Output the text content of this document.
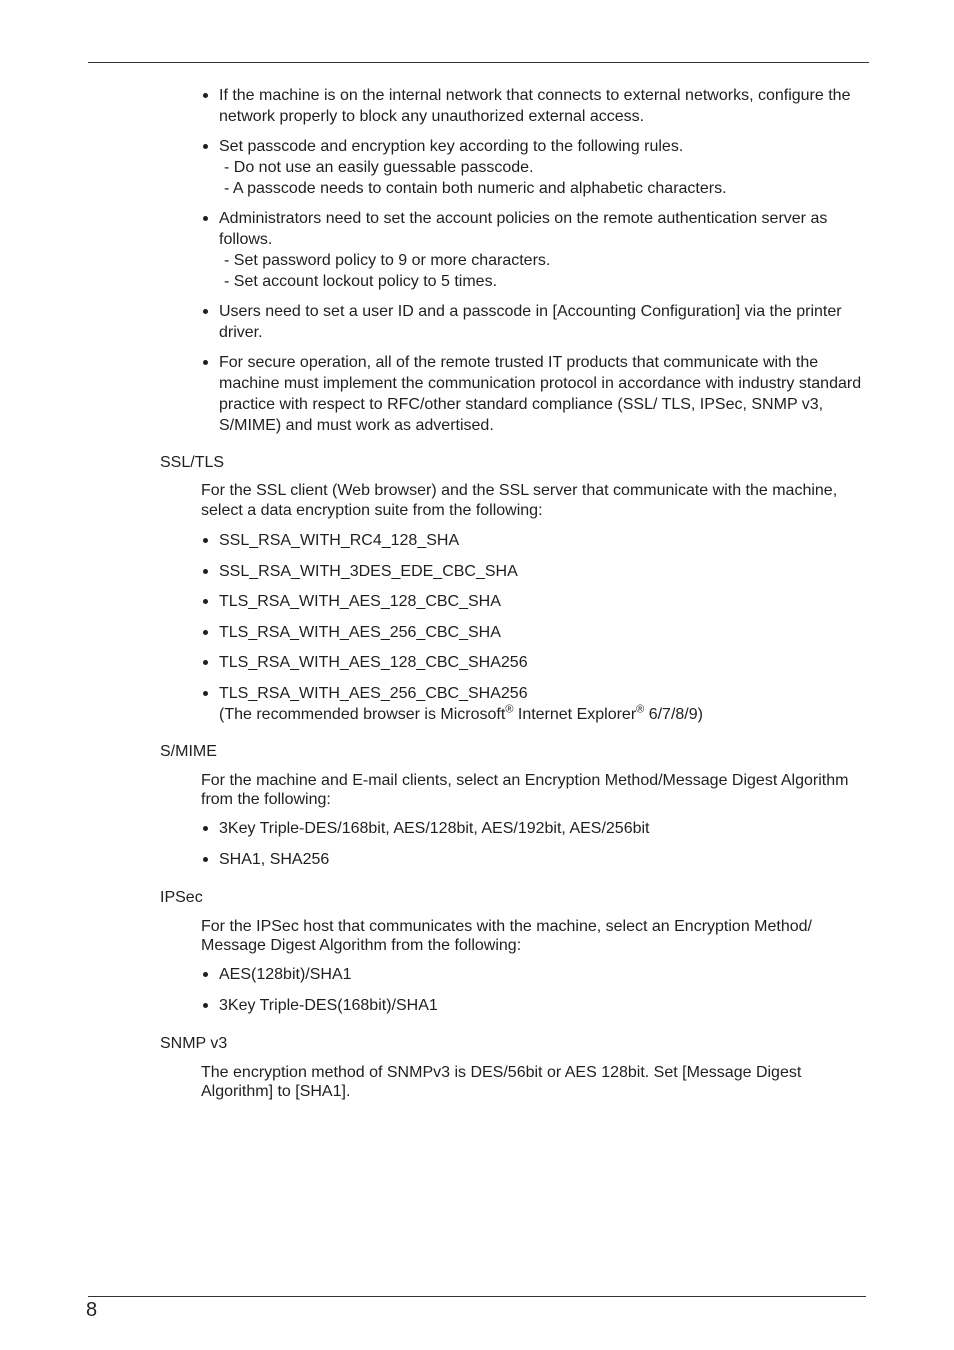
If the machine is on the internal network that connects to external networks, configure the network properly to block any unauthorized external access.
Set passcode and encryption key according to the following rules.
- Do not use an easily guessable passcode.
- A passcode needs to contain both numeric and alphabetic characters.
Administrators need to set the account policies on the remote authentication server as follows.
- Set password policy to 9 or more characters.
- Set account lockout policy to 5 times.
Users need to set a user ID and a passcode in [Accounting Configuration] via the printer driver.
For secure operation, all of the remote trusted IT products that communicate with the machine must implement the communication protocol in accordance with industry standard practice with respect to RFC/other standard compliance (SSL/ TLS, IPSec, SNMP v3, S/MIME) and must work as advertised.
SSL/TLS

For the SSL client (Web browser) and the SSL server that communicate with the machine, select a data encryption suite from the following:

SSL_RSA_WITH_RC4_128_SHA
SSL_RSA_WITH_3DES_EDE_CBC_SHA
TLS_RSA_WITH_AES_128_CBC_SHA
TLS_RSA_WITH_AES_256_CBC_SHA
TLS_RSA_WITH_AES_128_CBC_SHA256
TLS_RSA_WITH_AES_256_CBC_SHA256
(The recommended browser is Microsoft® Internet Explorer® 6/7/8/9)
S/MIME

For the machine and E-mail clients, select an Encryption Method/Message Digest Algorithm from the following:

3Key Triple-DES/168bit, AES/128bit, AES/192bit, AES/256bit
SHA1, SHA256
IPSec

For the IPSec host that communicates with the machine, select an Encryption Method/ Message Digest Algorithm from the following:

AES(128bit)/SHA1
3Key Triple-DES(168bit)/SHA1
SNMP v3

The encryption method of SNMPv3 is DES/56bit or AES 128bit. Set [Message Digest Algorithm] to [SHA1].

8
